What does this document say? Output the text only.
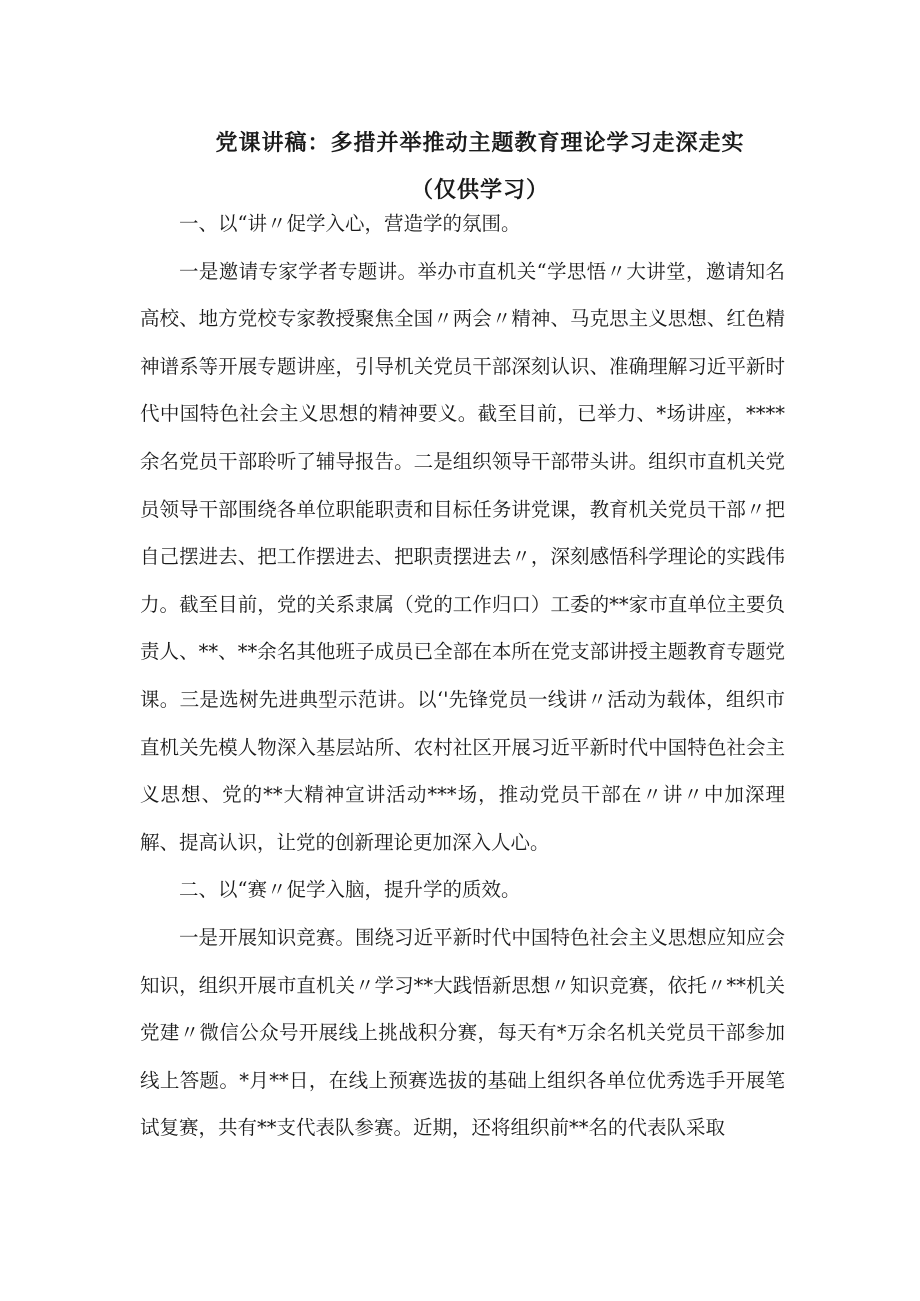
党课讲稿：多措并举推动主题教育理论学习走深走实
（仅供学习）

一、以“讲〃促学入心，营造学的氛围。

一是邀请专家学者专题讲。举办市直机关“学思悟〃大讲堂，邀请知名高校、地方党校专家教授聚焦全国〃两会〃精神、马克思主义思想、红色精神谱系等开展专题讲座，引导机关党员干部深刻认识、准确理解习近平新时代中国特色社会主义思想的精神要义。截至目前，已举力、*场讲座，****余名党员干部聆听了辅导报告。二是组织领导干部带头讲。组织市直机关党员领导干部围绕各单位职能职责和目标任务讲党课，教育机关党员干部〃把自己摆进去、把工作摆进去、把职责摆进去〃，深刻感悟科学理论的实践伟力。截至目前，党的关系隶属（党的工作归口）工委的**家市直单位主要负责人、**、**余名其他班子成员已全部在本所在党支部讲授主题教育专题党课。三是选树先进典型示范讲。以‘'先锋党员一线讲〃活动为载体，组织市直机关先模人物深入基层站所、农村社区开展习近平新时代中国特色社会主义思想、党的**大精神宣讲活动***场，推动党员干部在〃讲〃中加深理解、提高认识，让党的创新理论更加深入人心。

二、以“赛〃促学入脑，提升学的质效。

一是开展知识竞赛。围绕习近平新时代中国特色社会主义思想应知应会知识，组织开展市直机关〃学习**大践悟新思想〃知识竞赛，依托〃**机关党建〃微信公众号开展线上挑战积分赛，每天有*万余名机关党员干部参加线上答题。*月**日，在线上预赛选拔的基础上组织各单位优秀选手开展笔试复赛，共有**支代表队参赛。近期，还将组织前**名的代表队采取
